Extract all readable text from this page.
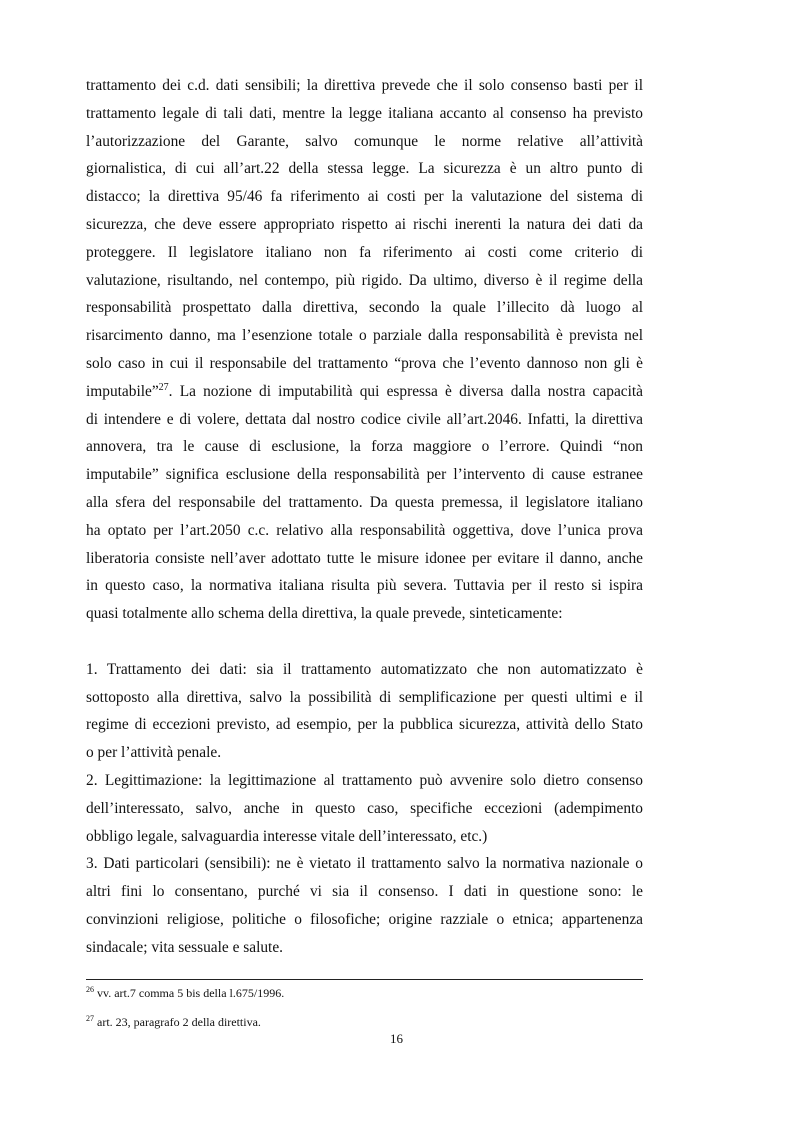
trattamento dei c.d. dati sensibili; la direttiva prevede che il solo consenso basti per il
trattamento legale di tali dati, mentre la legge italiana accanto al consenso ha previsto
l’autorizzazione del Garante, salvo comunque le norme relative all’attività
giornalistica, di cui all’art.22 della stessa legge. La sicurezza è un altro punto di
distacco; la direttiva 95/46 fa riferimento ai costi per la valutazione del sistema di
sicurezza, che deve essere appropriato rispetto ai rischi inerenti la natura dei dati da
proteggere. Il legislatore italiano non fa riferimento ai costi come criterio di
valutazione, risultando, nel contempo, più rigido. Da ultimo, diverso è il regime della
responsabilità prospettato dalla direttiva, secondo la quale l’illecito dà luogo al
risarcimento danno, ma l’esenzione totale o parziale dalla responsabilità è prevista nel
solo caso in cui il responsabile del trattamento “prova che l’evento dannoso non gli è
imputabile”$^{27}$. La nozione di imputabilità qui espressa è diversa dalla nostra capacità
di intendere e di volere, dettata dal nostro codice civile all’art.2046. Infatti, la direttiva
annovera, tra le cause di esclusione, la forza maggiore o l’errore. Quindi “non
imputabile” significa esclusione della responsabilità per l’intervento di cause estranee
alla sfera del responsabile del trattamento. Da questa premessa, il legislatore italiano
ha optato per l’art.2050 c.c. relativo alla responsabilità oggettiva, dove l’unica prova
liberatoria consiste nell’aver adottato tutte le misure idonee per evitare il danno, anche
in questo caso, la normativa italiana risulta più severa. Tuttavia per il resto si ispira
quasi totalmente allo schema della direttiva, la quale prevede, sinteticamente:
1. Trattamento dei dati: sia il trattamento automatizzato che non automatizzato è
sottoposto alla direttiva, salvo la possibilità di semplificazione per questi ultimi e il
regime di eccezioni previsto, ad esempio, per la pubblica sicurezza, attività dello Stato
o per l’attività penale.
2. Legittimazione: la legittimazione al trattamento può avvenire solo dietro consenso
dell’interessato, salvo, anche in questo caso, specifiche eccezioni (adempimento
obbligo legale, salvaguardia interesse vitale dell’interessato, etc.)
3. Dati particolari (sensibili): ne è vietato il trattamento salvo la normativa nazionale o
altri fini lo consentano, purché vi sia il consenso. I dati in questione sono: le
convinzioni religiose, politiche o filosofiche; origine razziale o etnica; appartenenza
sindacale; vita sessuale e salute.
$^{26}$ vv. art.7 comma 5 bis della l.675/1996.
$^{27}$ art. 23, paragrafo 2 della direttiva.
16
